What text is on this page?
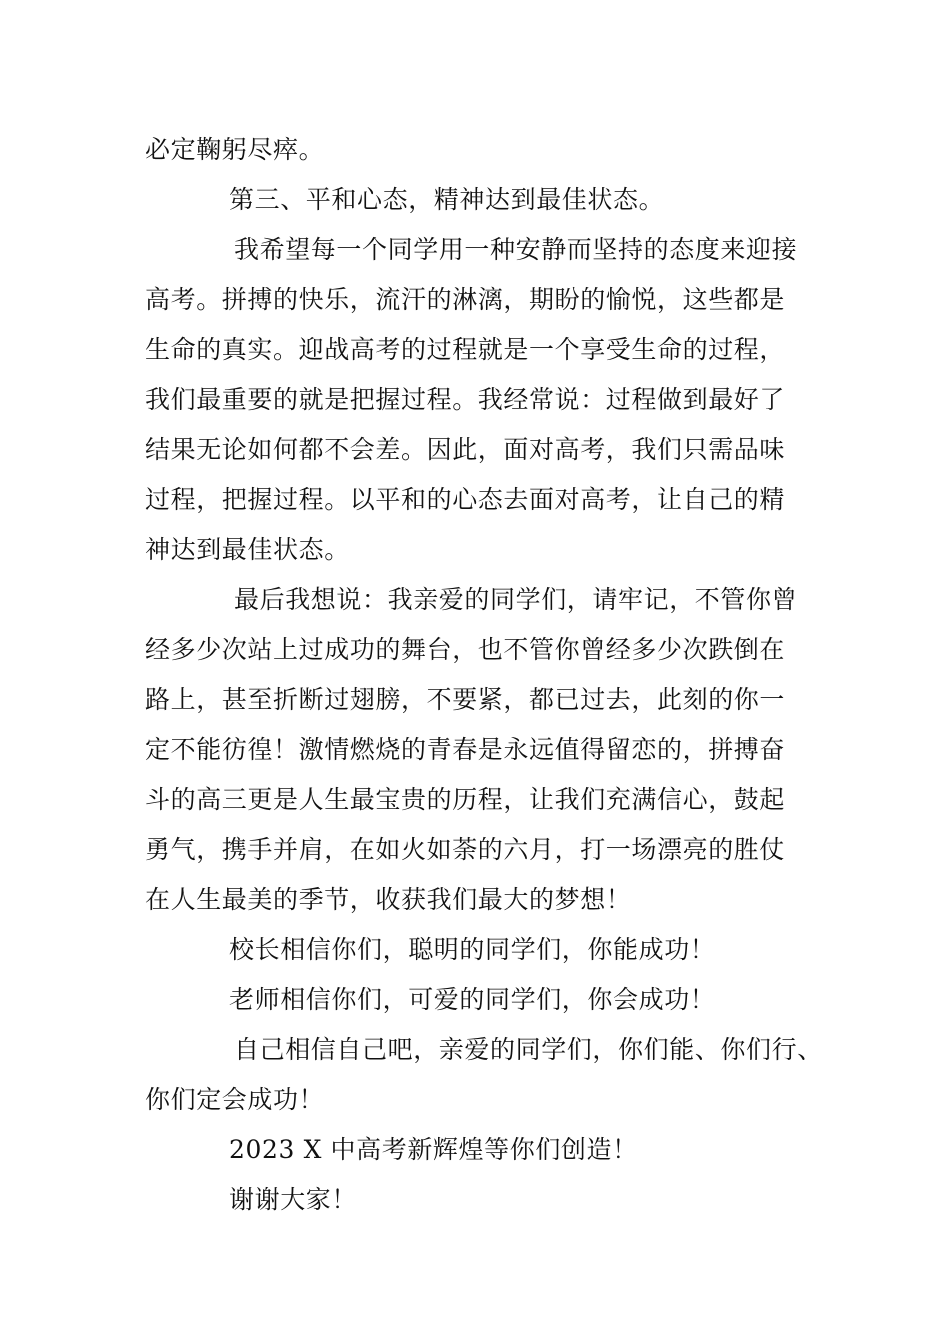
必定鞠躬尽瘁。
第三、平和心态，精神达到最佳状态。
我希望每一个同学用一种安静而坚持的态度来迎接
高考。拼搏的快乐，流汗的淋漓，期盼的愉悦，这些都是
生命的真实。迎战高考的过程就是一个享受生命的过程，
我们最重要的就是把握过程。我经常说：过程做到最好了
结果无论如何都不会差。因此，面对高考，我们只需品味
过程，把握过程。以平和的心态去面对高考，让自己的精
神达到最佳状态。
最后我想说：我亲爱的同学们，请牢记，不管你曾
经多少次站上过成功的舞台，也不管你曾经多少次跌倒在
路上，甚至折断过翅膀，不要紧，都已过去，此刻的你一
定不能彷徨！激情燃烧的青春是永远值得留恋的，拼搏奋
斗的高三更是人生最宝贵的历程，让我们充满信心，鼓起
勇气，携手并肩，在如火如荼的六月，打一场漂亮的胜仗
在人生最美的季节，收获我们最大的梦想！
校长相信你们，聪明的同学们，你能成功！
老师相信你们，可爱的同学们，你会成功！
自己相信自己吧，亲爱的同学们，你们能、你们行、
你们定会成功！
2023 X 中高考新辉煌等你们创造！
谢谢大家！
